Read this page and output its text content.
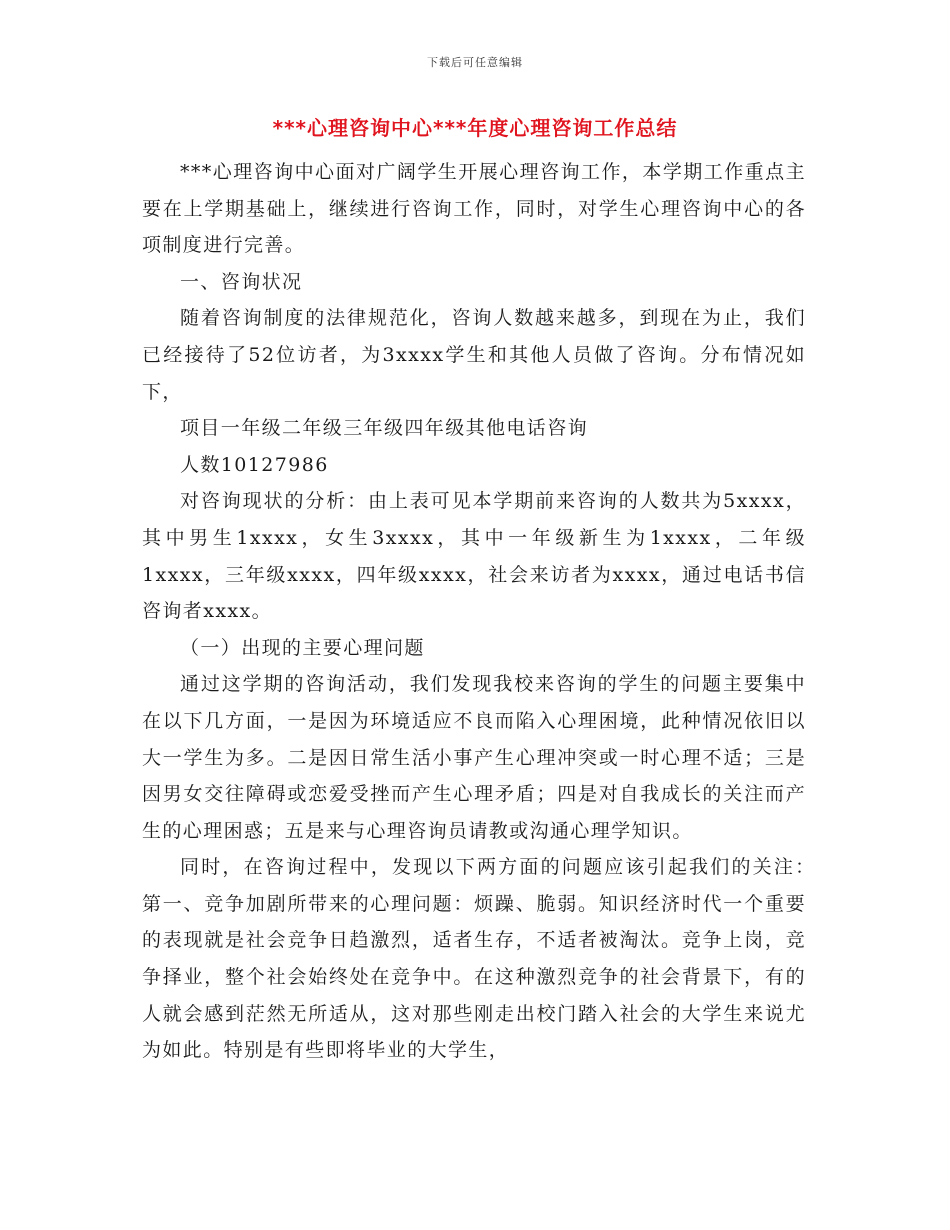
下载后可任意编辑
***心理咨询中心***年度心理咨询工作总结

***心理咨询中心面对广阔学生开展心理咨询工作，本学期工作重点主要在上学期基础上，继续进行咨询工作，同时，对学生心理咨询中心的各项制度进行完善。

一、咨询状况

随着咨询制度的法律规范化，咨询人数越来越多，到现在为止，我们已经接待了52位访者，为3xxxx学生和其他人员做了咨询。分布情况如下，

项目一年级二年级三年级四年级其他电话咨询

人数10127986

对咨询现状的分析：由上表可见本学期前来咨询的人数共为5xxxx，其中男生1xxxx，女生3xxxx，其中一年级新生为1xxxx，二年级1xxxx，三年级xxxx，四年级xxxx，社会来访者为xxxx，通过电话书信咨询者xxxx。

（一）出现的主要心理问题

通过这学期的咨询活动，我们发现我校来咨询的学生的问题主要集中在以下几方面，一是因为环境适应不良而陷入心理困境，此种情况依旧以大一学生为多。二是因日常生活小事产生心理冲突或一时心理不适；三是因男女交往障碍或恋爱受挫而产生心理矛盾；四是对自我成长的关注而产生的心理困惑；五是来与心理咨询员请教或沟通心理学知识。

同时，在咨询过程中，发现以下两方面的问题应该引起我们的关注：　　第一、竞争加剧所带来的心理问题：烦躁、脆弱。知识经济时代一个重要的表现就是社会竞争日趋激烈，适者生存，不适者被淘汰。竞争上岗，竞争择业，整个社会始终处在竞争中。在这种激烈竞争的社会背景下，有的人就会感到茫然无所适从，这对那些刚走出校门踏入社会的大学生来说尤为如此。特别是有些即将毕业的大学生，
